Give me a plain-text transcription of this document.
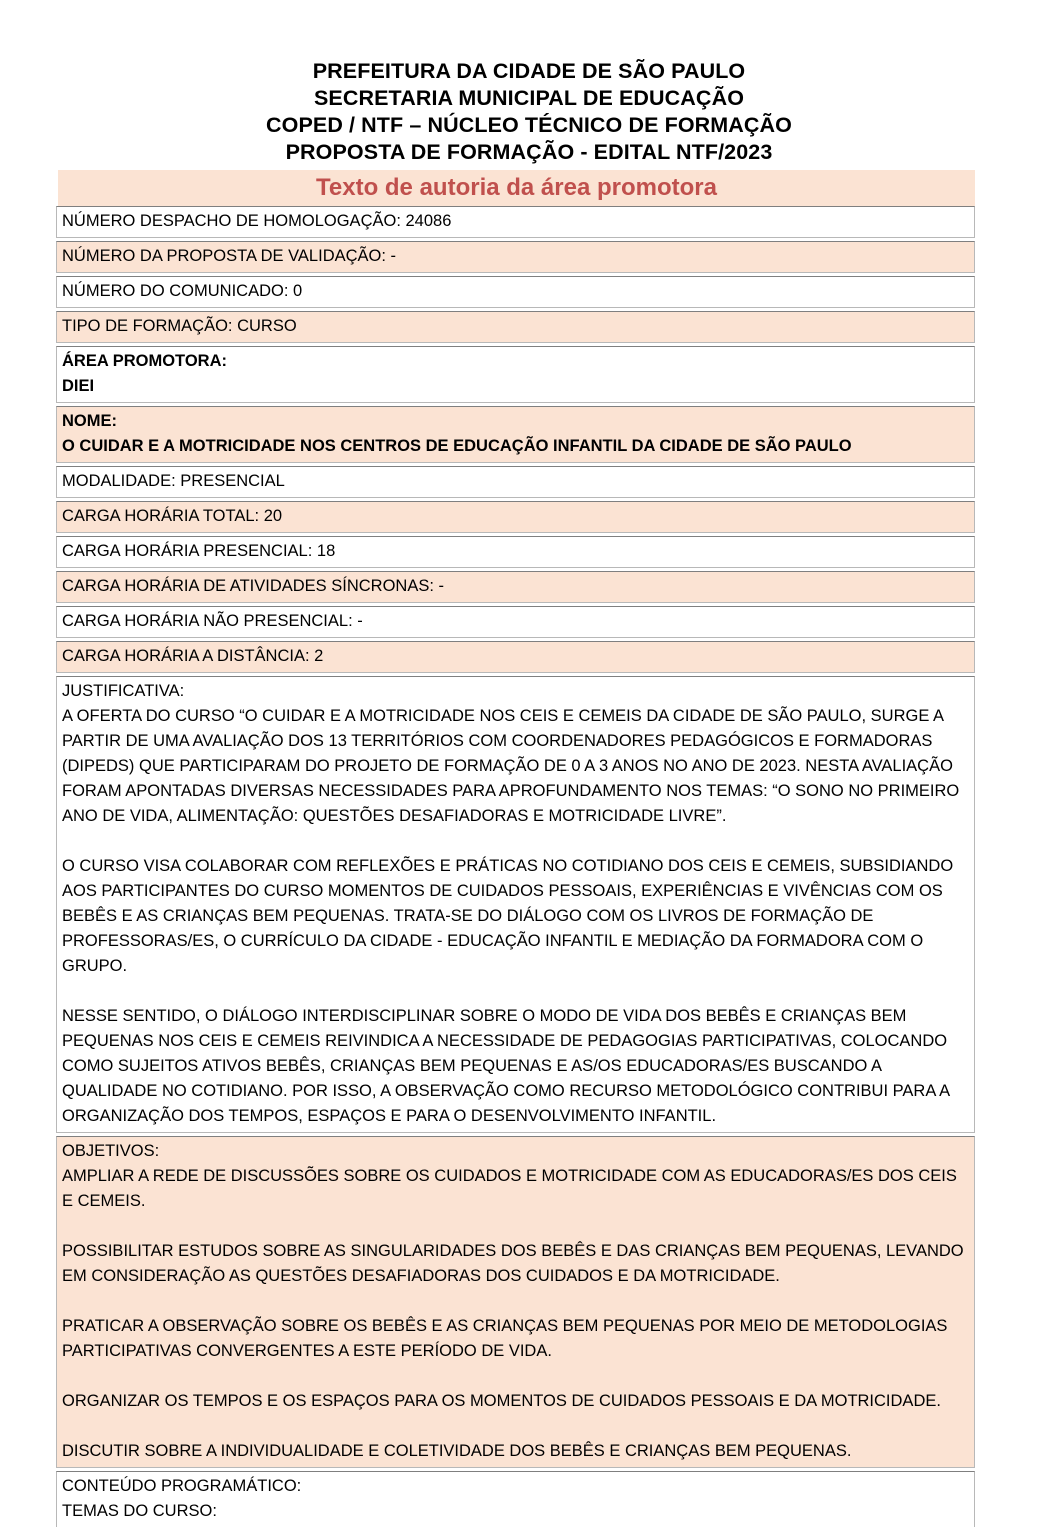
PREFEITURA DA CIDADE DE SÃO PAULO
SECRETARIA MUNICIPAL DE EDUCAÇÃO
COPED / NTF – NÚCLEO TÉCNICO DE FORMAÇÃO
PROPOSTA DE FORMAÇÃO - EDITAL NTF/2023
Texto de autoria da área promotora

NÚMERO DESPACHO DE HOMOLOGAÇÃO: 24086

NÚMERO DA PROPOSTA DE VALIDAÇÃO: -

NÚMERO DO COMUNICADO: 0

TIPO DE FORMAÇÃO: CURSO

ÁREA PROMOTORA:

DIEI

NOME:

O CUIDAR E A MOTRICIDADE NOS CENTROS DE EDUCAÇÃO INFANTIL DA CIDADE DE SÃO PAULO

MODALIDADE: PRESENCIAL

CARGA HORÁRIA TOTAL: 20

CARGA HORÁRIA PRESENCIAL: 18

CARGA HORÁRIA DE ATIVIDADES SÍNCRONAS: -

CARGA HORÁRIA NÃO PRESENCIAL: -

CARGA HORÁRIA A DISTÂNCIA: 2

JUSTIFICATIVA:

A OFERTA DO CURSO “O CUIDAR E A MOTRICIDADE NOS CEIS E CEMEIS DA CIDADE DE SÃO PAULO, SURGE A PARTIR DE UMA AVALIAÇÃO DOS 13 TERRITÓRIOS COM COORDENADORES PEDAGÓGICOS E FORMADORAS (DIPEDS) QUE PARTICIPARAM DO PROJETO DE FORMAÇÃO DE 0 A 3 ANOS NO ANO DE 2023. NESTA AVALIAÇÃO FORAM APONTADAS DIVERSAS NECESSIDADES PARA APROFUNDAMENTO NOS TEMAS: “O SONO NO PRIMEIRO ANO DE VIDA, ALIMENTAÇÃO: QUESTÕES DESAFIADORAS E MOTRICIDADE LIVRE”.

O CURSO VISA COLABORAR COM REFLEXÕES E PRÁTICAS NO COTIDIANO DOS CEIS E CEMEIS, SUBSIDIANDO AOS PARTICIPANTES DO CURSO MOMENTOS DE CUIDADOS PESSOAIS, EXPERIÊNCIAS E VIVÊNCIAS COM OS BEBÊS E AS CRIANÇAS BEM PEQUENAS. TRATA-SE DO DIÁLOGO COM OS LIVROS DE FORMAÇÃO DE PROFESSORAS/ES, O CURRÍCULO DA CIDADE - EDUCAÇÃO INFANTIL E MEDIAÇÃO DA FORMADORA COM O GRUPO.

NESSE SENTIDO, O DIÁLOGO INTERDISCIPLINAR SOBRE O MODO DE VIDA DOS BEBÊS E CRIANÇAS BEM PEQUENAS NOS CEIS E CEMEIS REIVINDICA A NECESSIDADE DE PEDAGOGIAS PARTICIPATIVAS, COLOCANDO COMO SUJEITOS ATIVOS BEBÊS, CRIANÇAS BEM PEQUENAS E AS/OS EDUCADORAS/ES BUSCANDO A QUALIDADE NO COTIDIANO. POR ISSO, A OBSERVAÇÃO COMO RECURSO METODOLÓGICO CONTRIBUI PARA A ORGANIZAÇÃO DOS TEMPOS, ESPAÇOS E PARA O DESENVOLVIMENTO INFANTIL.

OBJETIVOS:

AMPLIAR A REDE DE DISCUSSÕES SOBRE OS CUIDADOS E MOTRICIDADE COM AS EDUCADORAS/ES DOS CEIS E CEMEIS.

POSSIBILITAR ESTUDOS SOBRE AS SINGULARIDADES DOS BEBÊS E DAS CRIANÇAS BEM PEQUENAS, LEVANDO EM CONSIDERAÇÃO AS QUESTÕES DESAFIADORAS DOS CUIDADOS E DA MOTRICIDADE.

PRATICAR A OBSERVAÇÃO SOBRE OS BEBÊS E AS CRIANÇAS BEM PEQUENAS POR MEIO DE METODOLOGIAS PARTICIPATIVAS CONVERGENTES A ESTE PERÍODO DE VIDA.

ORGANIZAR OS TEMPOS E OS ESPAÇOS PARA OS MOMENTOS DE CUIDADOS PESSOAIS E DA MOTRICIDADE.

DISCUTIR SOBRE A INDIVIDUALIDADE E COLETIVIDADE DOS BEBÊS E CRIANÇAS BEM PEQUENAS.

CONTEÚDO PROGRAMÁTICO:

TEMAS DO CURSO:
